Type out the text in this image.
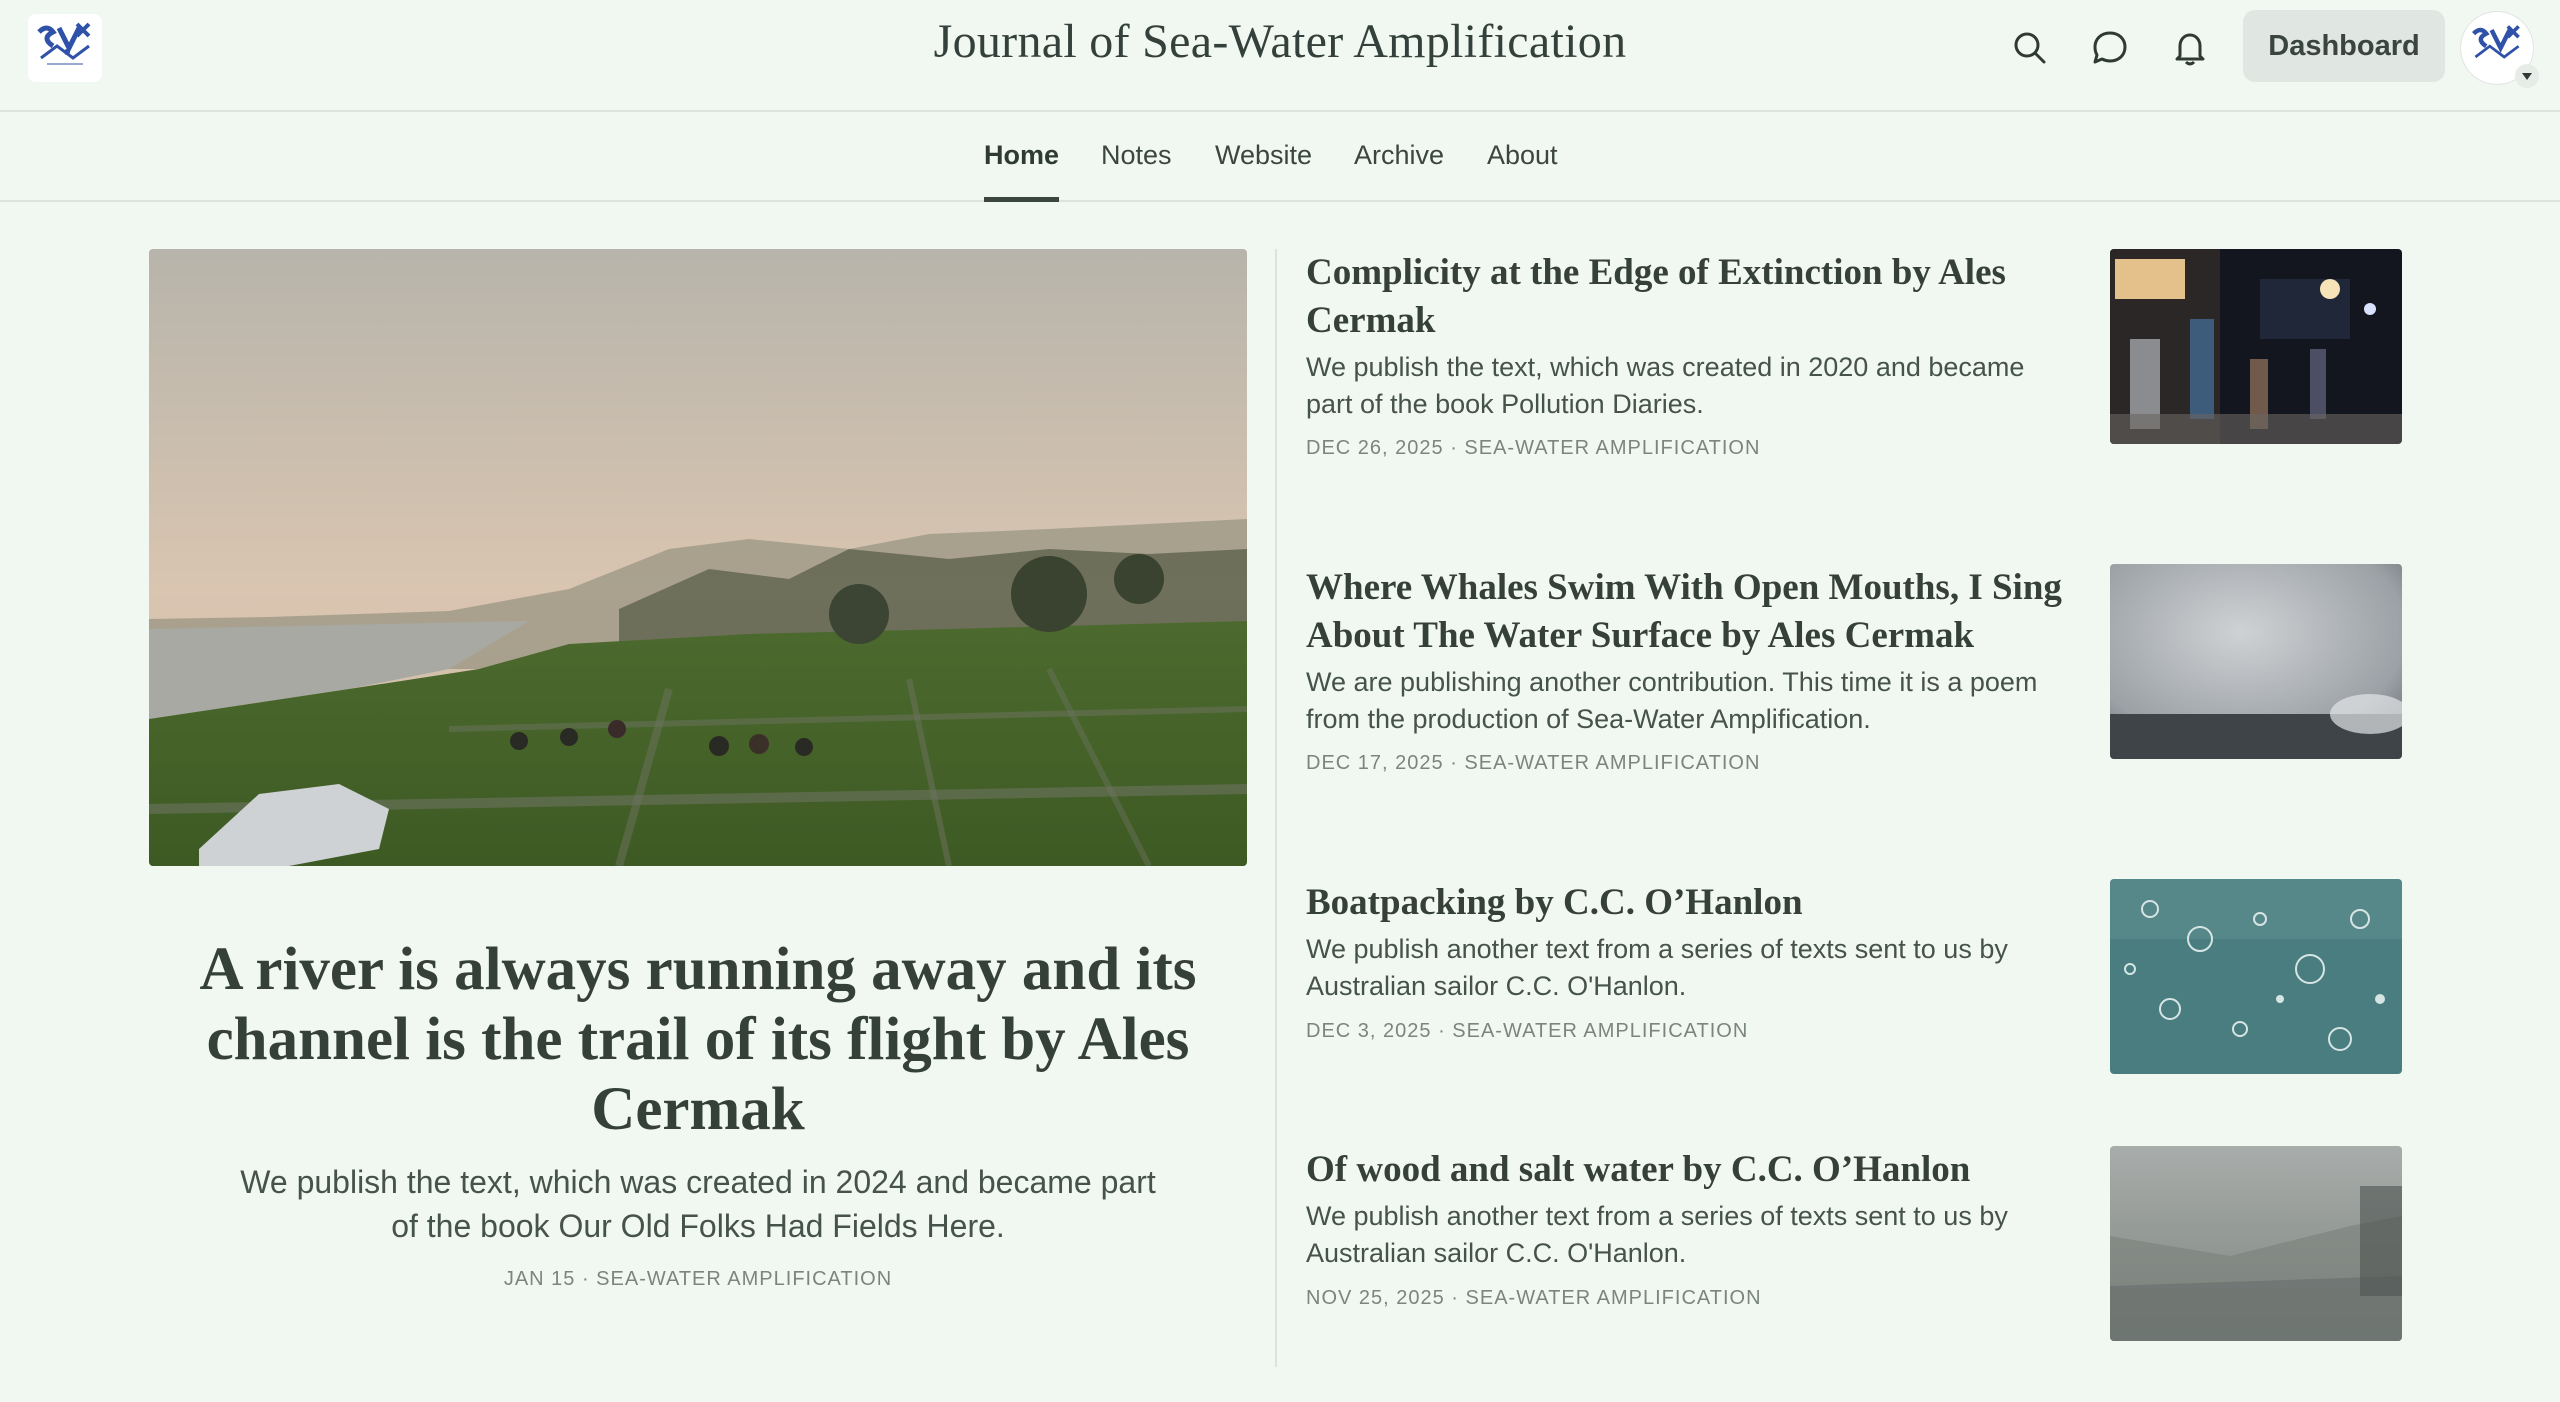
Journal of Sea-Water Amplification	Dashboard
Home Notes Website Archive About
A river is always running away and its channel is the trail of its flight by Ales Cermak
We publish the text, which was created in 2024 and became part of the book Our Old Folks Had Fields Here.
JAN 15 · SEA-WATER AMPLIFICATION
Complicity at the Edge of Extinction by Ales Cermak
We publish the text, which was created in 2020 and became part of the book Pollution Diaries.
DEC 26, 2025 · SEA-WATER AMPLIFICATION
Where Whales Swim With Open Mouths, I Sing About The Water Surface by Ales Cermak
We are publishing another contribution. This time it is a poem from the production of Sea-Water Amplification.
DEC 17, 2025 · SEA-WATER AMPLIFICATION
Boatpacking by C.C. O’Hanlon
We publish another text from a series of texts sent to us by Australian sailor C.C. O'Hanlon.
DEC 3, 2025 · SEA-WATER AMPLIFICATION
Of wood and salt water by C.C. O’Hanlon
We publish another text from a series of texts sent to us by Australian sailor C.C. O'Hanlon.
NOV 25, 2025 · SEA-WATER AMPLIFICATION
